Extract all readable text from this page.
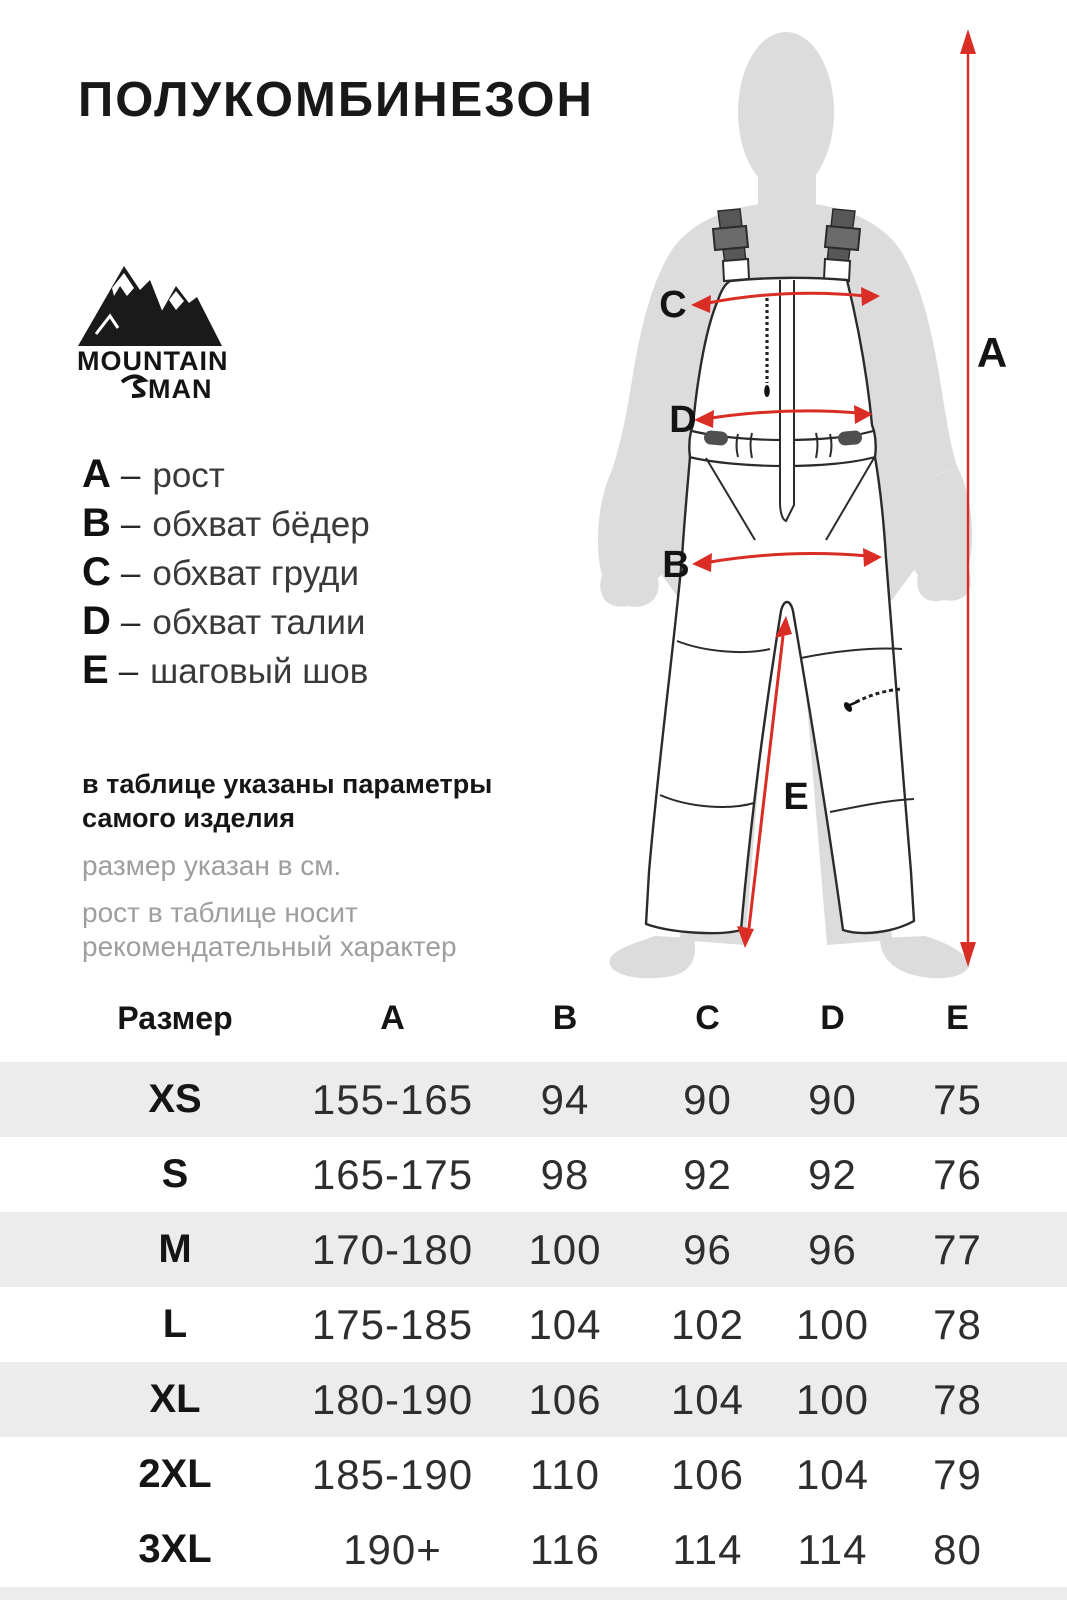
ПОЛУКОМБИНЕЗОН
MOUNTAIN
MAN
A – рост
B – обхват бёдер
C – обхват груди
D – обхват талии
E – шаговый шов
в таблице указаны параметры самого изделия
размер указан в см.
рост в таблице носит рекомендательный характер
A
C
D
B
E
Размер	A	B	C	D	E
XS	155-165	94	90	90	75
S	165-175	98	92	92	76
M	170-180	100	96	96	77
L	175-185	104	102	100	78
XL	180-190	106	104	100	78
2XL	185-190	110	106	104	79
3XL	190+	116	114	114	80
